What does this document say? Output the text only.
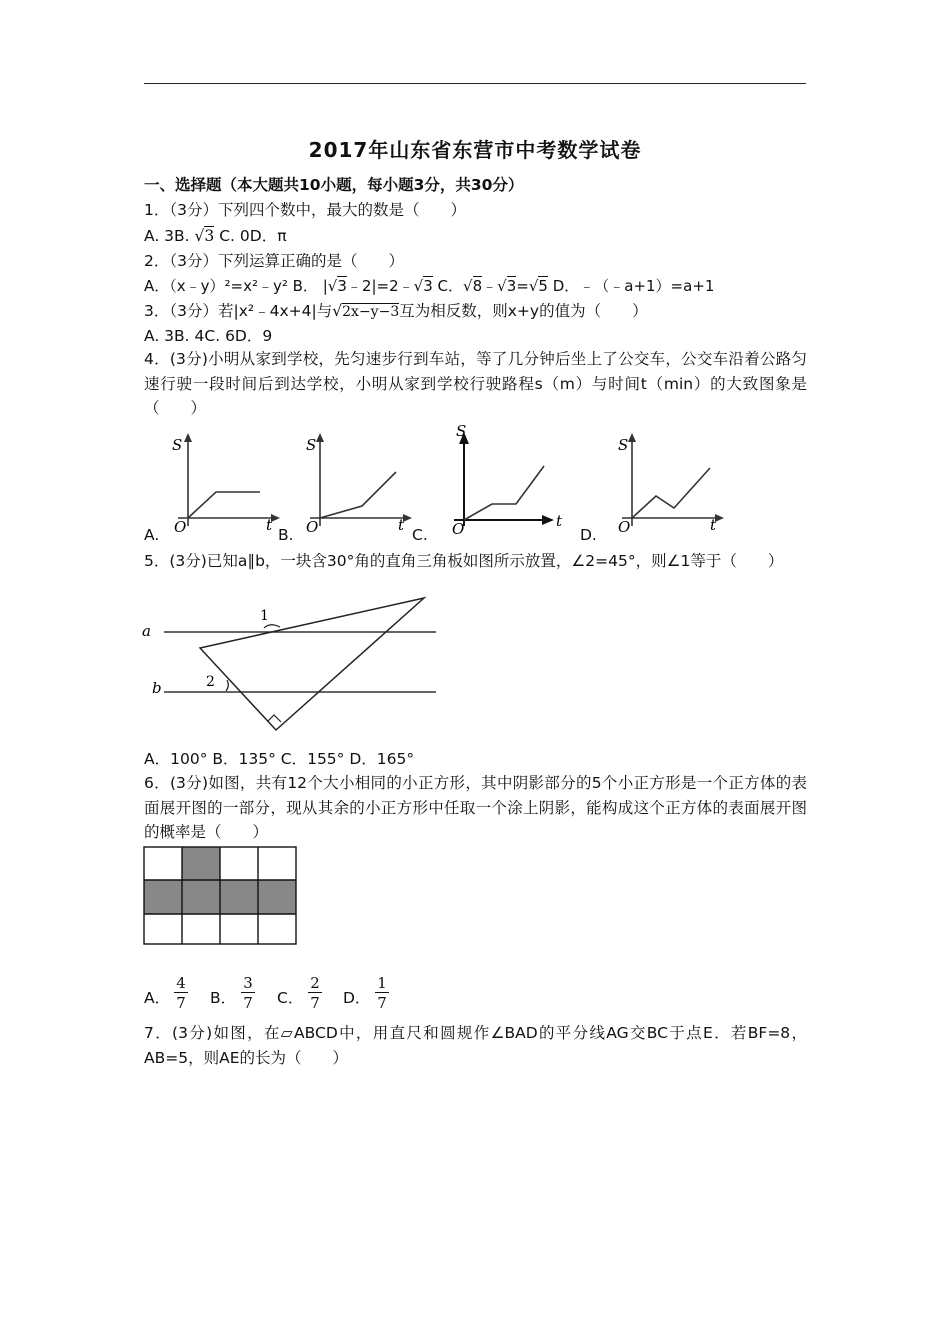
2017年山东省东营市中考数学试卷
一、选择题（本大题共10小题，每小题3分，共30分）
1．（3分）下列四个数中，最大的数是（　　）
A. 3B. √3 C. 0D．π
2．（3分）下列运算正确的是（　　）
A．（x﹣y）²=x²﹣y² B． |√3﹣2|=2﹣√3 C．√8﹣√3=√5 D．﹣（﹣a+1）=a+1
3．（3分）若|x²﹣4x+4|与√2x−y−3互为相反数，则x+y的值为（　　）
A. 3B. 4C. 6D．9
4．(3分)小明从家到学校，先匀速步行到车站，等了几分钟后坐上了公交车，公交车沿着公路匀速行驶一段时间后到达学校，小明从家到学校行驶路程s（m）与时间t（min）的大致图象是（　　）
S
t
O
A.
S
t
O
B.
S
t
O
C.
S
t
O
D.
5．(3分)已知a∥b，一块含30°角的直角三角板如图所示放置，∠2=45°，则∠1等于（　　）
a
b
1
2
A．100° B．135° C．155° D．165°
6．(3分)如图，共有12个大小相同的小正方形，其中阴影部分的5个小正方形是一个正方体的表面展开图的一部分，现从其余的小正方形中任取一个涂上阴影，能构成这个正方体的表面展开图的概率是（　　）
A． $\frac{4}{7}$ B． $\frac{3}{7}$ C． $\frac{2}{7}$ D． $\frac{1}{7}$
7．(3分)如图，在▱ABCD中，用直尺和圆规作∠BAD的平分线AG交BC于点E．若BF=8，AB=5，则AE的长为（　　）
